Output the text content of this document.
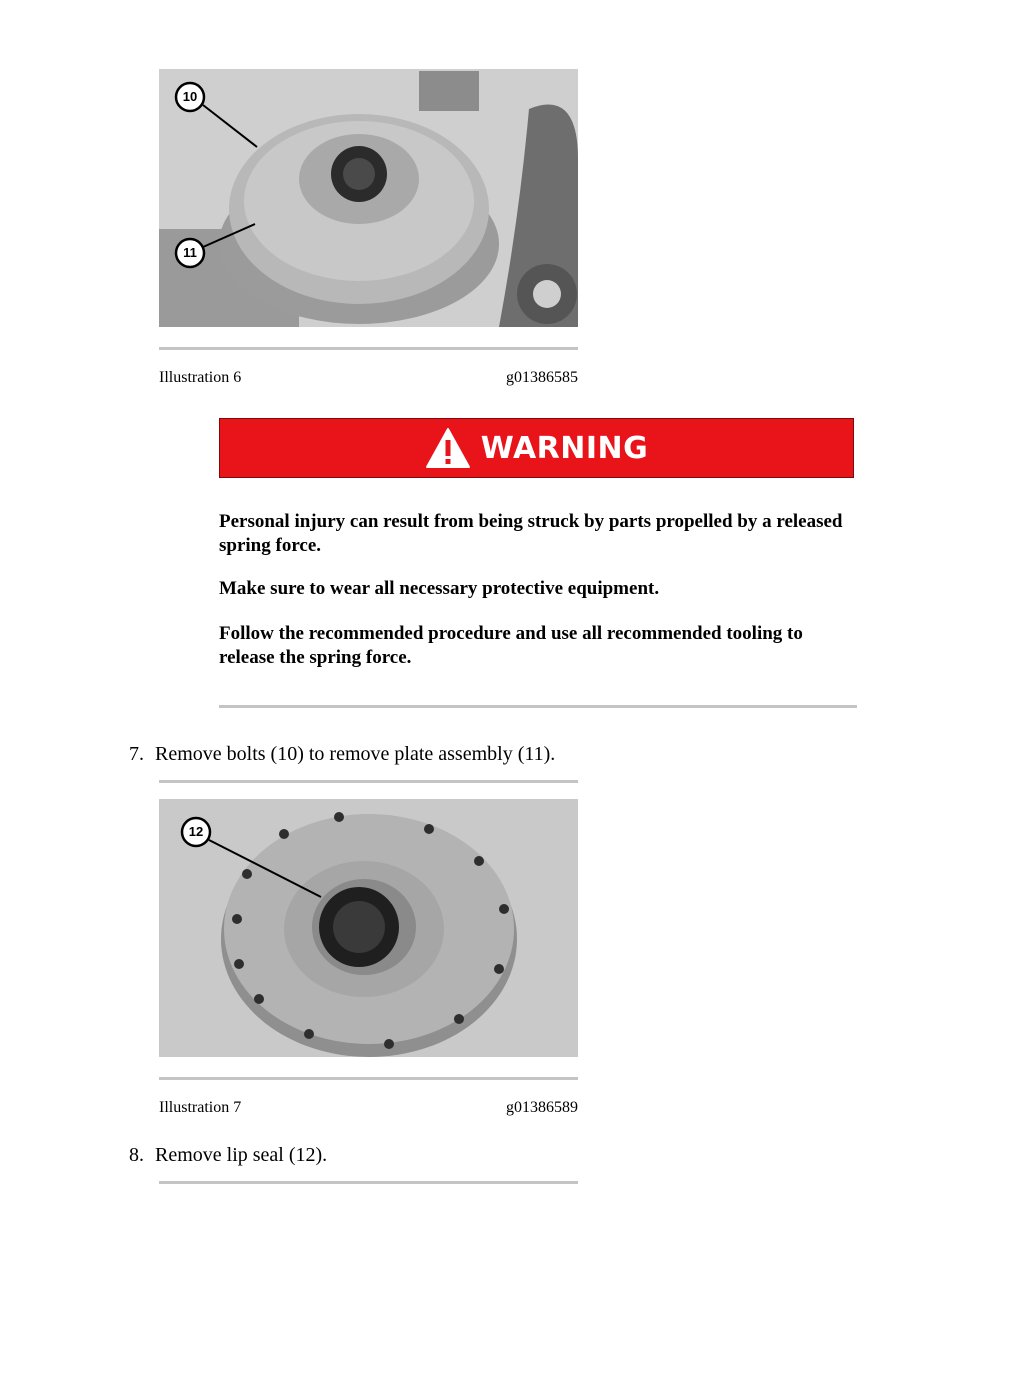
10
11
Illustration 6	g01386585
WARNING
Personal injury can result from being struck by parts propelled by a released spring force.
Make sure to wear all necessary protective equipment.
Follow the recommended procedure and use all recommended tooling to release the spring force.
7. Remove bolts (10) to remove plate assembly (11).
12
Illustration 7	g01386589
8. Remove lip seal (12).
